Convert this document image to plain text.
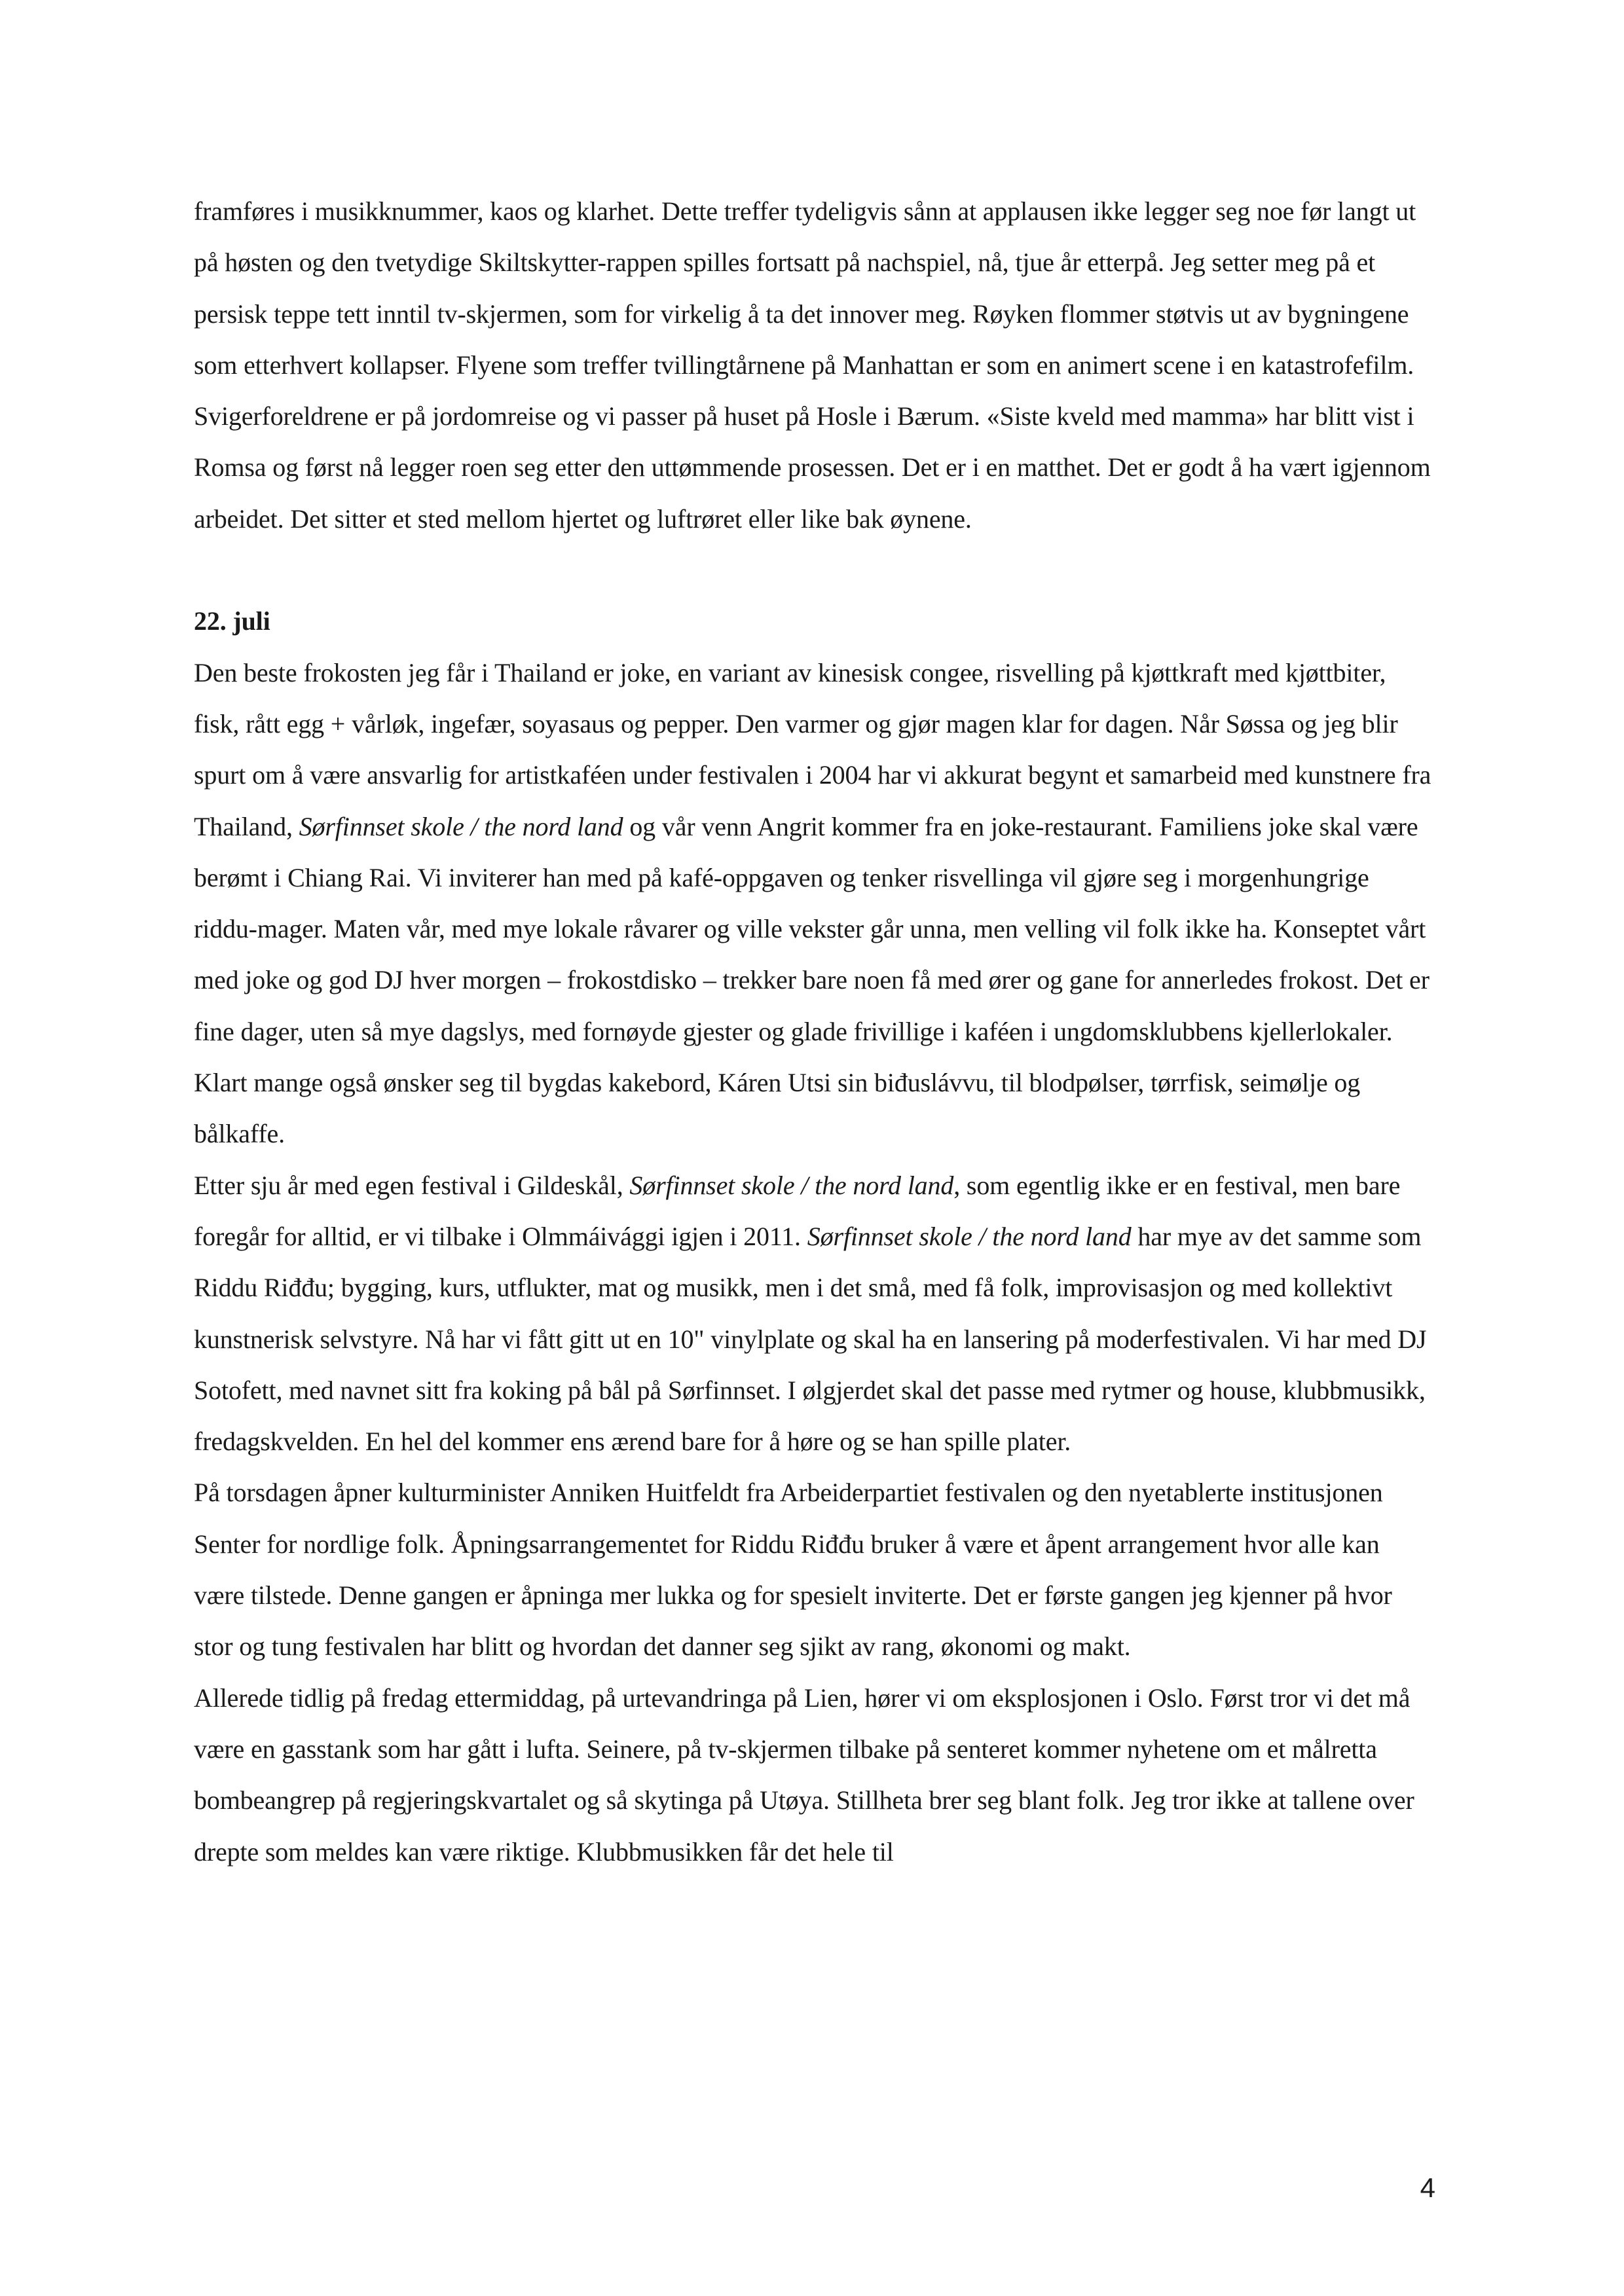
framføres i musikknummer, kaos og klarhet. Dette treffer tydeligvis sånn at applausen ikke legger seg noe før langt ut på høsten og den tvetydige Skiltskytter-rappen spilles fortsatt på nachspiel, nå, tjue år etterpå. Jeg setter meg på et persisk teppe tett inntil tv-skjermen, som for virkelig å ta det innover meg. Røyken flommer støtvis ut av bygningene som etterhvert kollapser. Flyene som treffer tvillingtårnene på Manhattan er som en animert scene i en katastrofefilm. Svigerforeldrene er på jordomreise og vi passer på huset på Hosle i Bærum. «Siste kveld med mamma» har blitt vist i Romsa og først nå legger roen seg etter den uttømmende prosessen. Det er i en matthet. Det er godt å ha vært igjennom arbeidet. Det sitter et sted mellom hjertet og luftrøret eller like bak øynene.

22. juli

Den beste frokosten jeg får i Thailand er joke, en variant av kinesisk congee, risvelling på kjøttkraft med kjøttbiter, fisk, rått egg + vårløk, ingefær, soyasaus og pepper. Den varmer og gjør magen klar for dagen. Når Søssa og jeg blir spurt om å være ansvarlig for artistkaféen under festivalen i 2004 har vi akkurat begynt et samarbeid med kunstnere fra Thailand, Sørfinnset skole / the nord land og vår venn Angrit kommer fra en joke-restaurant. Familiens joke skal være berømt i Chiang Rai. Vi inviterer han med på kafé-oppgaven og tenker risvellinga vil gjøre seg i morgenhungrige riddu-mager. Maten vår, med mye lokale råvarer og ville vekster går unna, men velling vil folk ikke ha. Konseptet vårt med joke og god DJ hver morgen – frokostdisko – trekker bare noen få med ører og gane for annerledes frokost. Det er fine dager, uten så mye dagslys, med fornøyde gjester og glade frivillige i kaféen i ungdomsklubbens kjellerlokaler. Klart mange også ønsker seg til bygdas kakebord, Káren Utsi sin biđuslávvu, til blodpølser, tørrfisk, seimølje og bålkaffe.

Etter sju år med egen festival i Gildeskål, Sørfinnset skole / the nord land, som egentlig ikke er en festival, men bare foregår for alltid, er vi tilbake i Olmmáivággi igjen i 2011. Sørfinnset skole / the nord land har mye av det samme som Riddu Riđđu; bygging, kurs, utflukter, mat og musikk, men i det små, med få folk, improvisasjon og med kollektivt kunstnerisk selvstyre. Nå har vi fått gitt ut en 10" vinylplate og skal ha en lansering på moderfestivalen. Vi har med DJ Sotofett, med navnet sitt fra koking på bål på Sørfinnset. I ølgjerdet skal det passe med rytmer og house, klubbmusikk, fredagskvelden. En hel del kommer ens ærend bare for å høre og se han spille plater.

På torsdagen åpner kulturminister Anniken Huitfeldt fra Arbeiderpartiet festivalen og den nyetablerte institusjonen Senter for nordlige folk. Åpningsarrangementet for Riddu Riđđu bruker å være et åpent arrangement hvor alle kan være tilstede. Denne gangen er åpninga mer lukka og for spesielt inviterte. Det er første gangen jeg kjenner på hvor stor og tung festivalen har blitt og hvordan det danner seg sjikt av rang, økonomi og makt.

Allerede tidlig på fredag ettermiddag, på urtevandringa på Lien, hører vi om eksplosjonen i Oslo. Først tror vi det må være en gasstank som har gått i lufta. Seinere, på tv-skjermen tilbake på senteret kommer nyhetene om et målretta bombeangrep på regjeringskvartalet og så skytinga på Utøya. Stillheta brer seg blant folk. Jeg tror ikke at tallene over drepte som meldes kan være riktige. Klubbmusikken får det hele til

4
